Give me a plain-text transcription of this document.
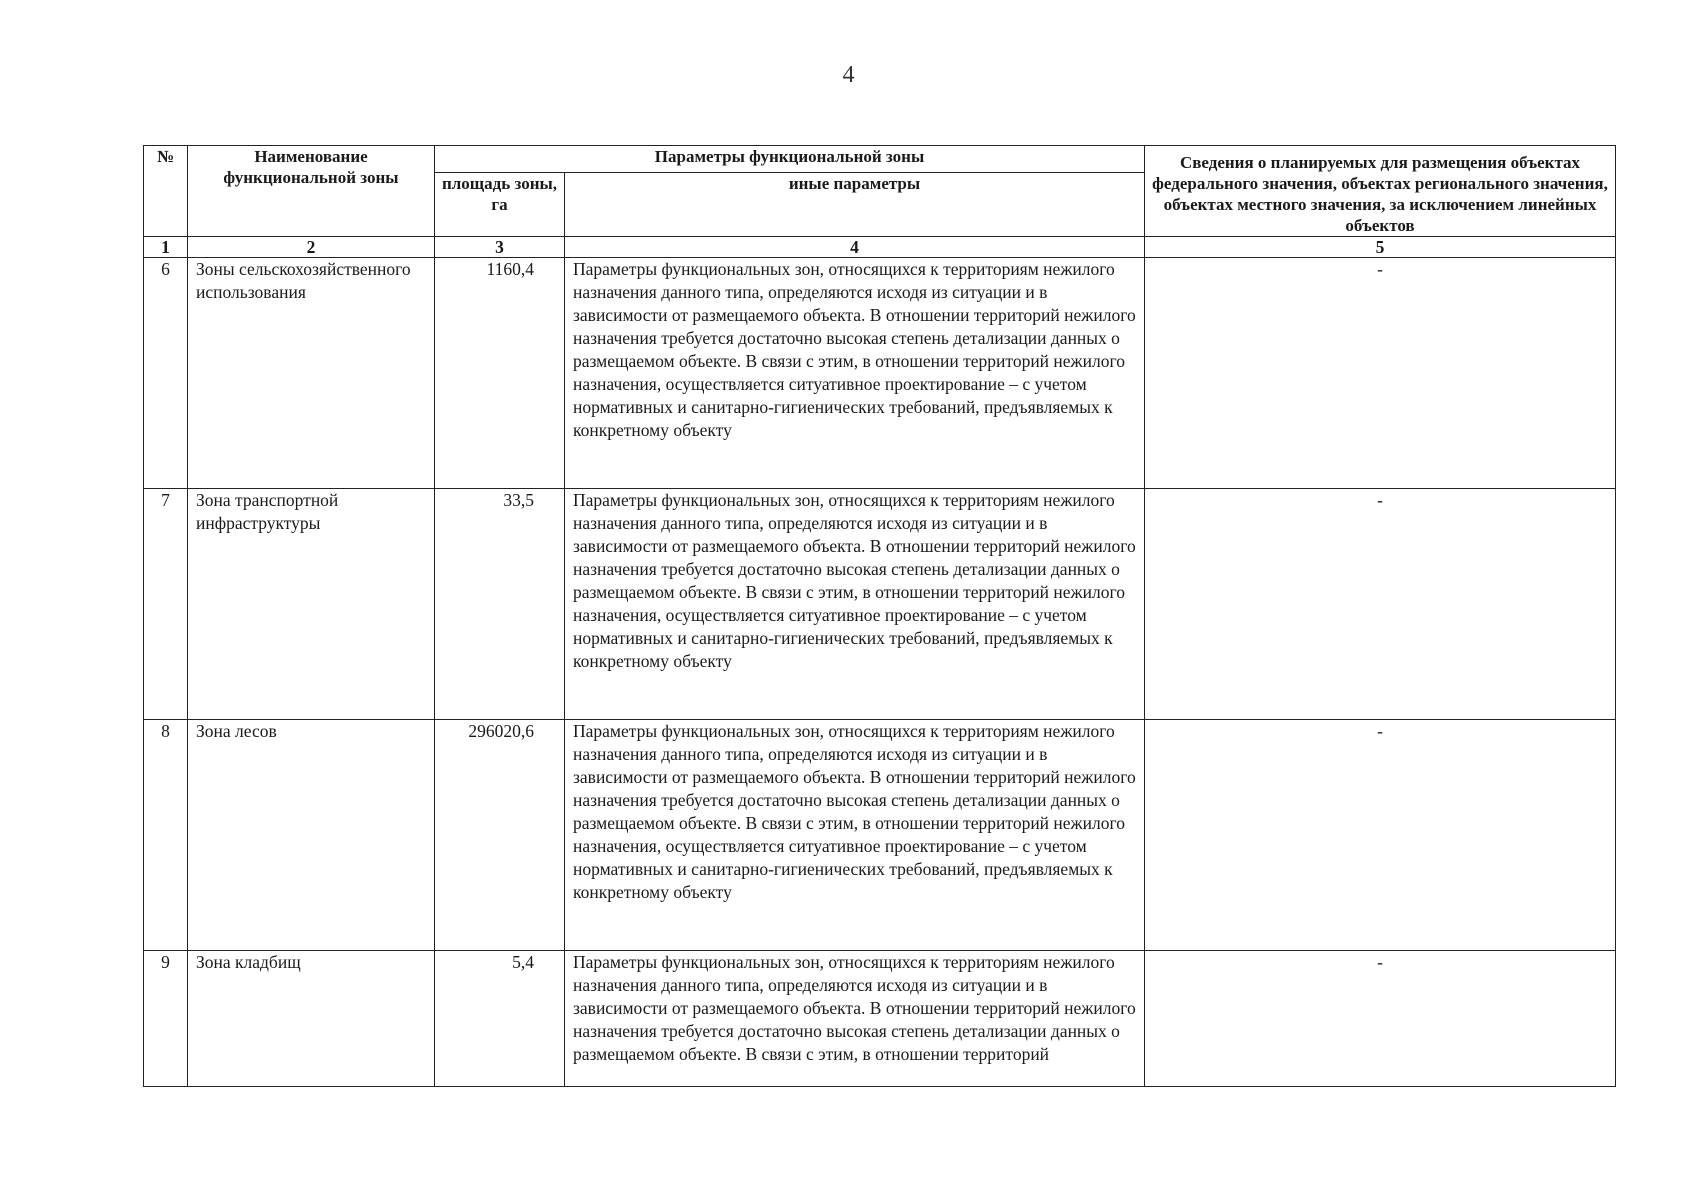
4
№	Наименование функциональной зоны	Параметры функциональной зоны		Сведения о планируемых для размещения объектах федерального значения, объектах регионального значения, объектах местного значения, за исключением линейных объектов
		площадь зоны, га	иные параметры	
1	2	3	4	5
6	Зоны сельскохозяйственного использования	1160,4	Параметры функциональных зон, относящихся к территориям нежилого назначения данного типа, определяются исходя из ситуации и в зависимости от размещаемого объекта. В отношении территорий нежилого назначения требуется достаточно высокая степень детализации данных о размещаемом объекте. В связи с этим, в отношении территорий нежилого назначения, осуществляется ситуативное проектирование – с учетом нормативных и санитарно-гигиенических требований, предъявляемых к конкретному объекту	-
7	Зона транспортной инфраструктуры	33,5	Параметры функциональных зон, относящихся к территориям нежилого назначения данного типа, определяются исходя из ситуации и в зависимости от размещаемого объекта. В отношении территорий нежилого назначения требуется достаточно высокая степень детализации данных о размещаемом объекте. В связи с этим, в отношении территорий нежилого назначения, осуществляется ситуативное проектирование – с учетом нормативных и санитарно-гигиенических требований, предъявляемых к конкретному объекту	-
8	Зона лесов	296020,6	Параметры функциональных зон, относящихся к территориям нежилого назначения данного типа, определяются исходя из ситуации и в зависимости от размещаемого объекта. В отношении территорий нежилого назначения требуется достаточно высокая степень детализации данных о размещаемом объекте. В связи с этим, в отношении территорий нежилого назначения, осуществляется ситуативное проектирование – с учетом нормативных и санитарно-гигиенических требований, предъявляемых к конкретному объекту	-
9	Зона кладбищ	5,4	Параметры функциональных зон, относящихся к территориям нежилого назначения данного типа, определяются исходя из ситуации и в зависимости от размещаемого объекта. В отношении территорий нежилого назначения требуется достаточно высокая степень детализации данных о размещаемом объекте. В связи с этим, в отношении территорий	-
